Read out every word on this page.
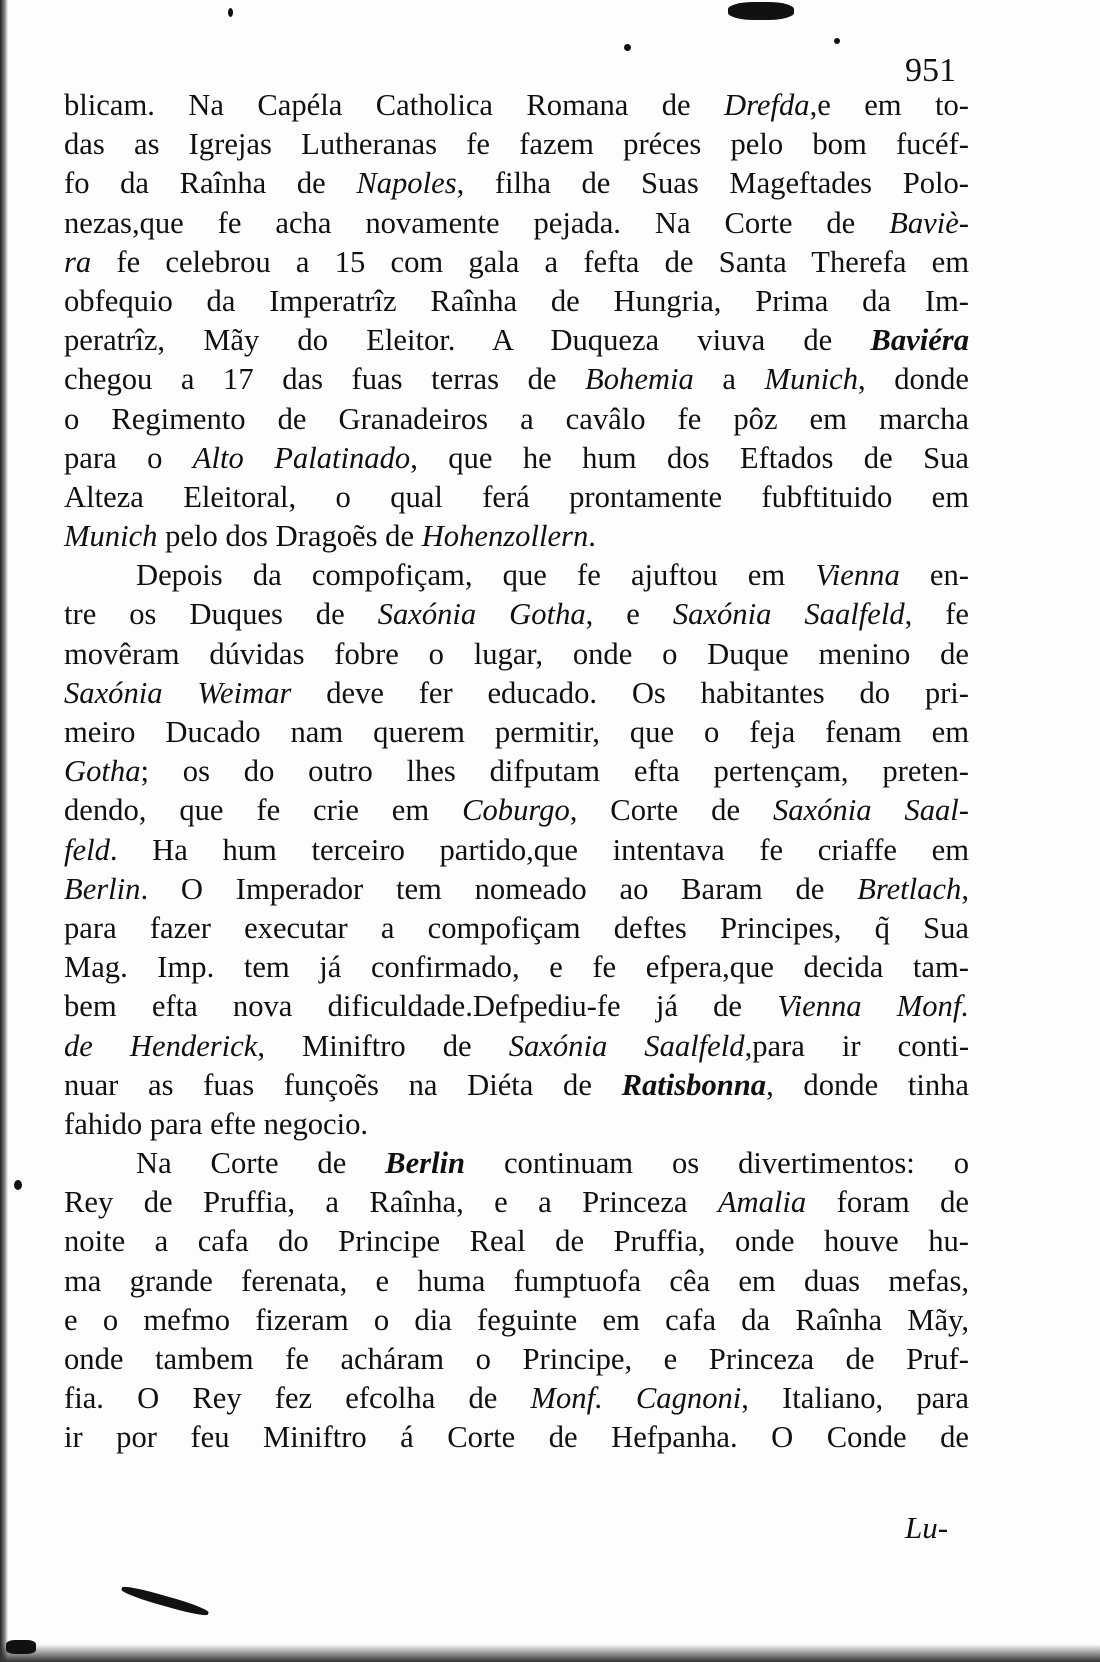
951
blicam. Na Capéla Catholica Romana de Drefda,e em to-
das as Igrejas Lutheranas fe fazem préces pelo bom fucéf-
fo da Raînha de Napoles, filha de Suas Mageftades Polo-
nezas,que fe acha novamente pejada. Na Corte de Baviè-
ra fe celebrou a 15 com gala a fefta de Santa Therefa em
obfequio da Imperatrîz Raînha de Hungria, Prima da Im-
peratrîz, Mãy do Eleitor. A Duqueza viuva de Baviéra
chegou a 17 das fuas terras de Bohemia a Munich, donde
o Regimento de Granadeiros a cavâlo fe pôz em marcha
para o Alto Palatinado, que he hum dos Eftados de Sua
Alteza Eleitoral, o qual ferá prontamente fubftituido em
Munich pelo dos Dragoẽs de Hohenzollern.
Depois da compofiçam, que fe ajuftou em Vienna en-
tre os Duques de Saxónia Gotha, e Saxónia Saalfeld, fe
movêram dúvidas fobre o lugar, onde o Duque menino de
Saxónia Weimar deve fer educado. Os habitantes do pri-
meiro Ducado nam querem permitir, que o feja fenam em
Gotha; os do outro lhes difputam efta pertençam, preten-
dendo, que fe crie em Coburgo, Corte de Saxónia Saal-
feld. Ha hum terceiro partido,que intentava fe criaffe em
Berlin. O Imperador tem nomeado ao Baram de Bretlach,
para fazer executar a compofiçam deftes Principes, q̃ Sua
Mag. Imp. tem já confirmado, e fe efpera,que decida tam-
bem efta nova dificuldade.Defpediu-fe já de Vienna Monf.
de Henderick, Miniftro de Saxónia Saalfeld,para ir conti-
nuar as fuas funçoẽs na Diéta de Ratisbonna, donde tinha
fahido para efte negocio.
Na Corte de Berlin continuam os divertimentos: o
Rey de Pruffia, a Raînha, e a Princeza Amalia foram de
noite a cafa do Principe Real de Pruffia, onde houve hu-
ma grande ferenata, e huma fumptuofa cêa em duas mefas,
e o mefmo fizeram o dia feguinte em cafa da Raînha Mãy,
onde tambem fe acháram o Principe, e Princeza de Pruf-
fia. O Rey fez efcolha de Monf. Cagnoni, Italiano, para
ir por feu Miniftro á Corte de Hefpanha. O Conde de
Lu-
